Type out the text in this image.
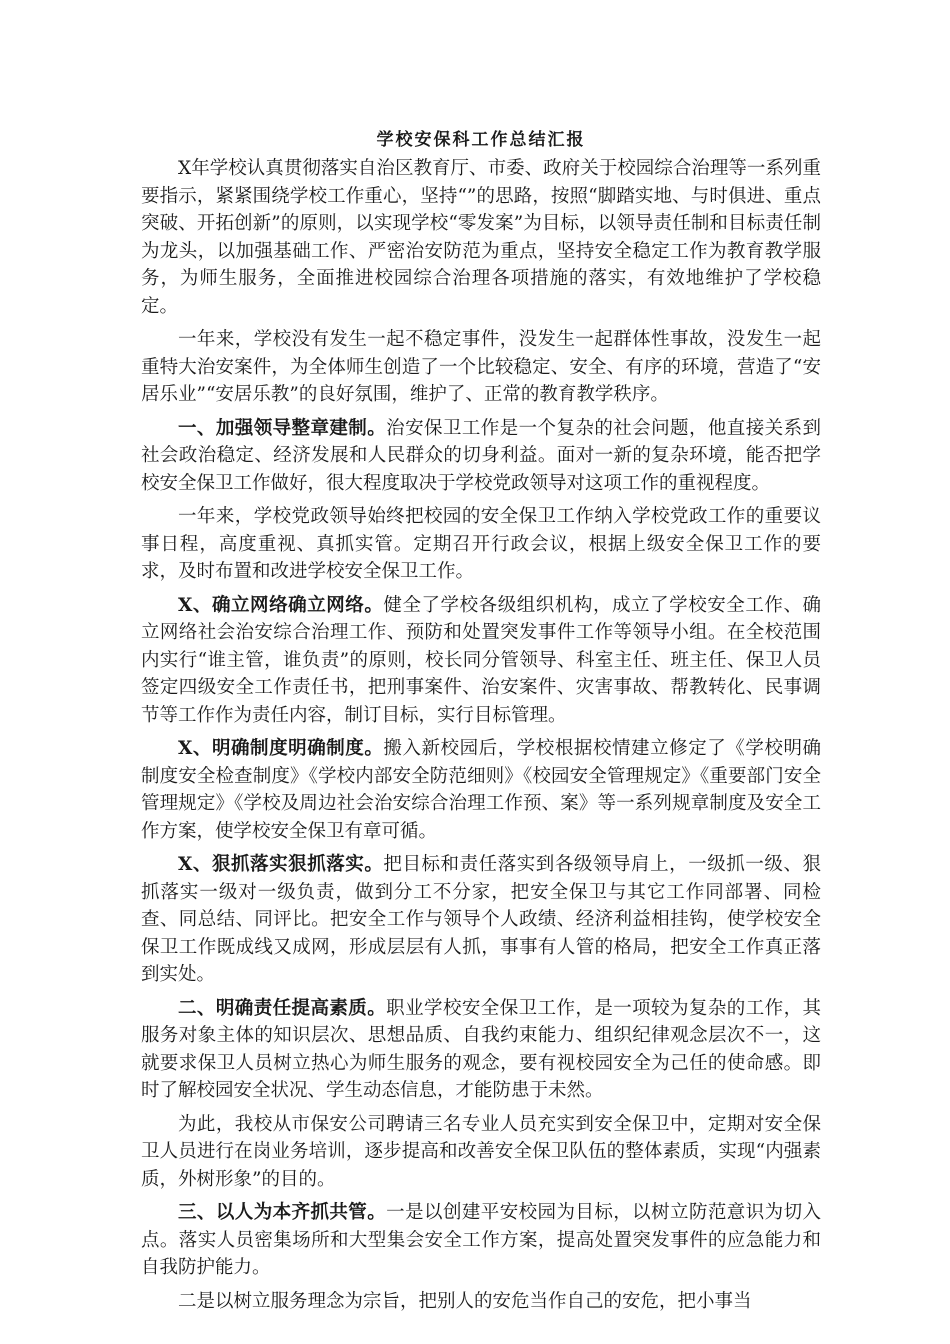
学校安保科工作总结汇报

X年学校认真贯彻落实自治区教育厅、市委、政府关于校园综合治理等一系列重要指示，紧紧围绕学校工作重心，坚持“”的思路，按照“脚踏实地、与时俱进、重点突破、开拓创新”的原则，以实现学校“零发案”为目标，以领导责任制和目标责任制为龙头，以加强基础工作、严密治安防范为重点，坚持安全稳定工作为教育教学服务，为师生服务，全面推进校园综合治理各项措施的落实，有效地维护了学校稳定。

一年来，学校没有发生一起不稳定事件，没发生一起群体性事故，没发生一起重特大治安案件，为全体师生创造了一个比较稳定、安全、有序的环境，营造了“安居乐业”“安居乐教”的良好氛围，维护了、正常的教育教学秩序。

一、加强领导整章建制。治安保卫工作是一个复杂的社会问题，他直接关系到社会政治稳定、经济发展和人民群众的切身利益。面对一新的复杂环境，能否把学校安全保卫工作做好，很大程度取决于学校党政领导对这项工作的重视程度。

一年来，学校党政领导始终把校园的安全保卫工作纳入学校党政工作的重要议事日程，高度重视、真抓实管。定期召开行政会议，根据上级安全保卫工作的要求，及时布置和改进学校安全保卫工作。

X、确立网络确立网络。健全了学校各级组织机构，成立了学校安全工作、确立网络社会治安综合治理工作、预防和处置突发事件工作等领导小组。在全校范围内实行“谁主管，谁负责”的原则，校长同分管领导、科室主任、班主任、保卫人员签定四级安全工作责任书，把刑事案件、治安案件、灾害事故、帮教转化、民事调节等工作作为责任内容，制订目标，实行目标管理。

X、明确制度明确制度。搬入新校园后，学校根据校情建立修定了《学校明确制度安全检查制度》《学校内部安全防范细则》《校园安全管理规定》《重要部门安全管理规定》《学校及周边社会治安综合治理工作预、案》等一系列规章制度及安全工作方案，使学校安全保卫有章可循。

X、狠抓落实狠抓落实。把目标和责任落实到各级领导肩上，一级抓一级、狠抓落实一级对一级负责，做到分工不分家，把安全保卫与其它工作同部署、同检查、同总结、同评比。把安全工作与领导个人政绩、经济利益相挂钩，使学校安全保卫工作既成线又成网，形成层层有人抓，事事有人管的格局，把安全工作真正落到实处。

二、明确责任提高素质。职业学校安全保卫工作，是一项较为复杂的工作，其服务对象主体的知识层次、思想品质、自我约束能力、组织纪律观念层次不一，这就要求保卫人员树立热心为师生服务的观念，要有视校园安全为己任的使命感。即时了解校园安全状况、学生动态信息，才能防患于未然。

为此，我校从市保安公司聘请三名专业人员充实到安全保卫中，定期对安全保卫人员进行在岗业务培训，逐步提高和改善安全保卫队伍的整体素质，实现“内强素质，外树形象”的目的。

三、以人为本齐抓共管。一是以创建平安校园为目标，以树立防范意识为切入点。落实人员密集场所和大型集会安全工作方案，提高处置突发事件的应急能力和自我防护能力。

二是以树立服务理念为宗旨，把别人的安危当作自己的安危，把小事当
